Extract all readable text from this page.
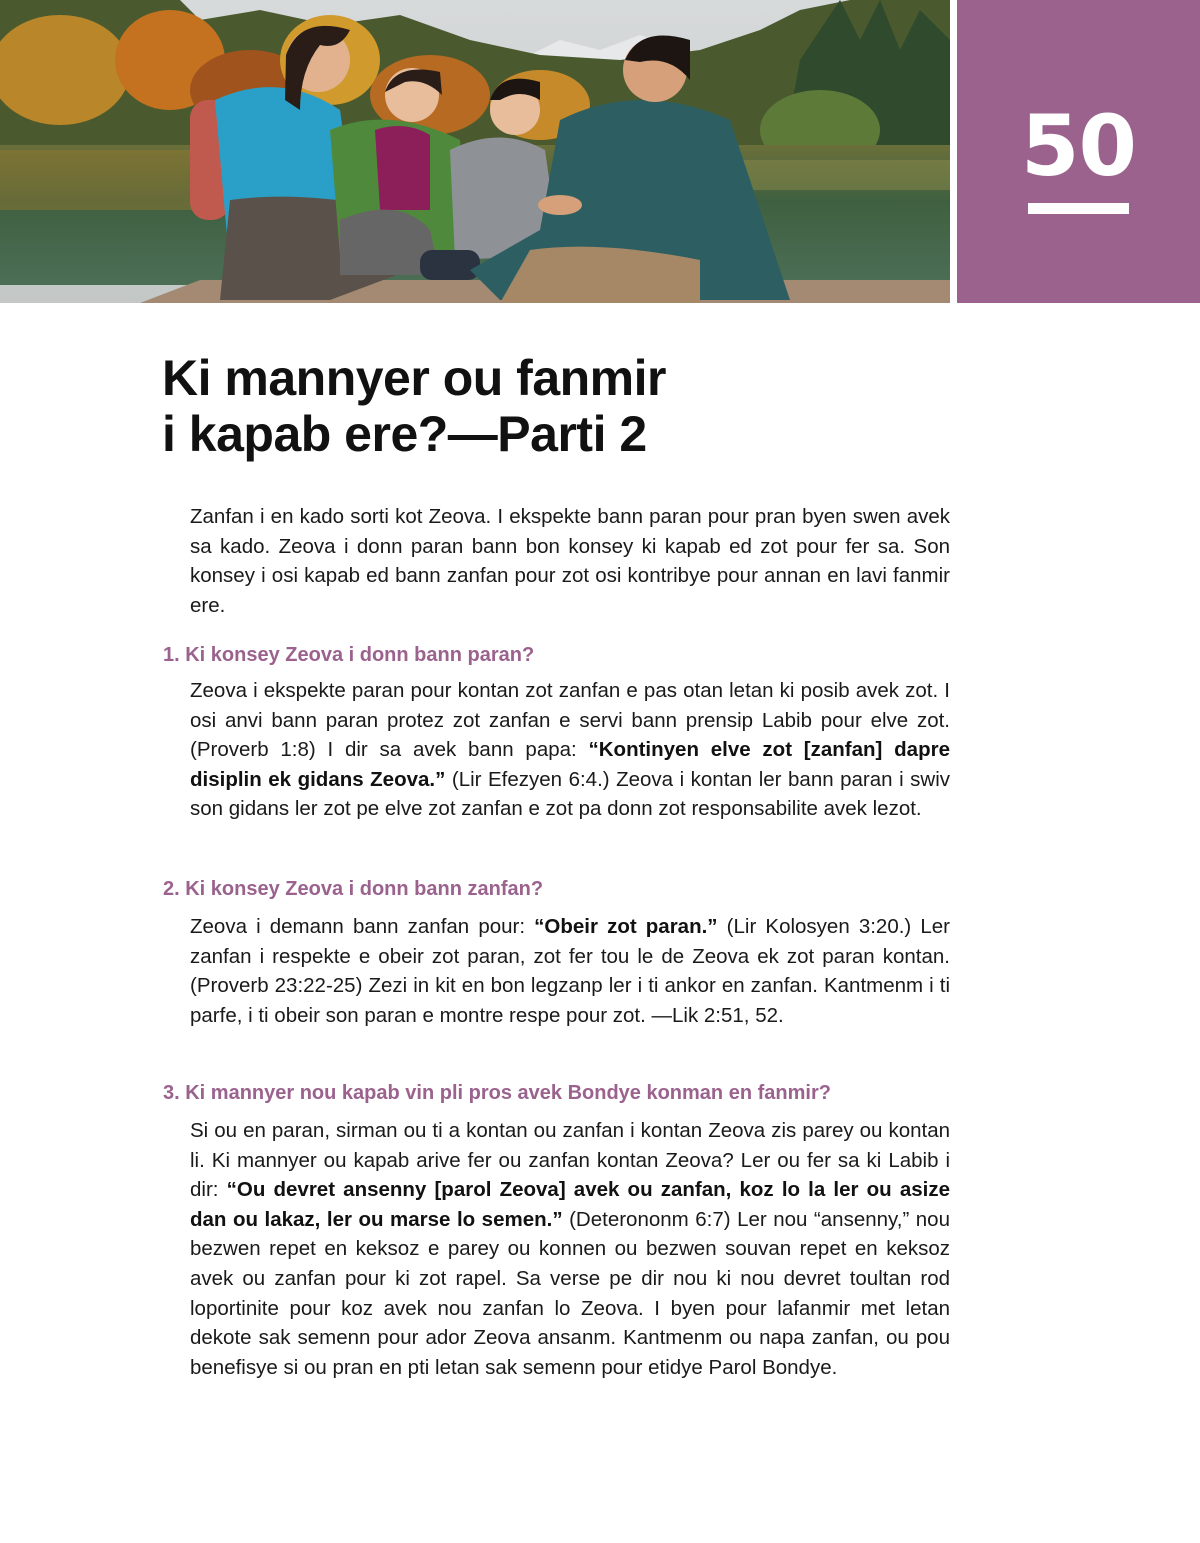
50
Ki mannyer ou fanmir
i kapab ere?—Parti 2

Zanfan i en kado sorti kot Zeova. I ekspekte bann paran pour pran byen swen avek sa kado. Zeova i donn paran bann bon konsey ki kapab ed zot pour fer sa. Son konsey i osi kapab ed bann zanfan pour zot osi kontribye pour annan en lavi fanmir ere.

1. Ki konsey Zeova i donn bann paran?

Zeova i ekspekte paran pour kontan zot zanfan e pas otan letan ki posib avek zot. I osi anvi bann paran protez zot zanfan e servi bann prensip Labib pour elve zot. (Proverb 1:8) I dir sa avek bann papa: “Kontinyen elve zot [zanfan] dapre disiplin ek gidans Zeova.” (Lir Efezyen 6:4.) Zeova i kontan ler bann paran i swiv son gidans ler zot pe elve zot zanfan e zot pa donn zot responsabilite avek lezot.

2. Ki konsey Zeova i donn bann zanfan?

Zeova i demann bann zanfan pour: “Obeir zot paran.” (Lir Kolosyen 3:20.) Ler zanfan i respekte e obeir zot paran, zot fer tou le de Zeova ek zot paran kontan. (Proverb 23:22-25) Zezi in kit en bon legzanp ler i ti ankor en zanfan. Kantmenm i ti parfe, i ti obeir son paran e montre respe pour zot. —Lik 2:51, 52.

3. Ki mannyer nou kapab vin pli pros avek Bondye konman en fanmir?

Si ou en paran, sirman ou ti a kontan ou zanfan i kontan Zeova zis parey ou kontan li. Ki mannyer ou kapab arive fer ou zanfan kontan Zeova? Ler ou fer sa ki Labib i dir: “Ou devret ansenny [parol Zeova] avek ou zanfan, koz lo la ler ou asize dan ou lakaz, ler ou marse lo semen.” (Deterononm 6:7) Ler nou “ansenny,” nou bezwen repet en keksoz e parey ou konnen ou bezwen souvan repet en keksoz avek ou zanfan pour ki zot rapel. Sa verse pe dir nou ki nou devret toultan rod loportinite pour koz avek nou zanfan lo Zeova. I byen pour lafanmir met letan dekote sak semenn pour ador Zeova ansanm. Kantmenm ou napa zanfan, ou pou benefisye si ou pran en pti letan sak semenn pour etidye Parol Bondye.
